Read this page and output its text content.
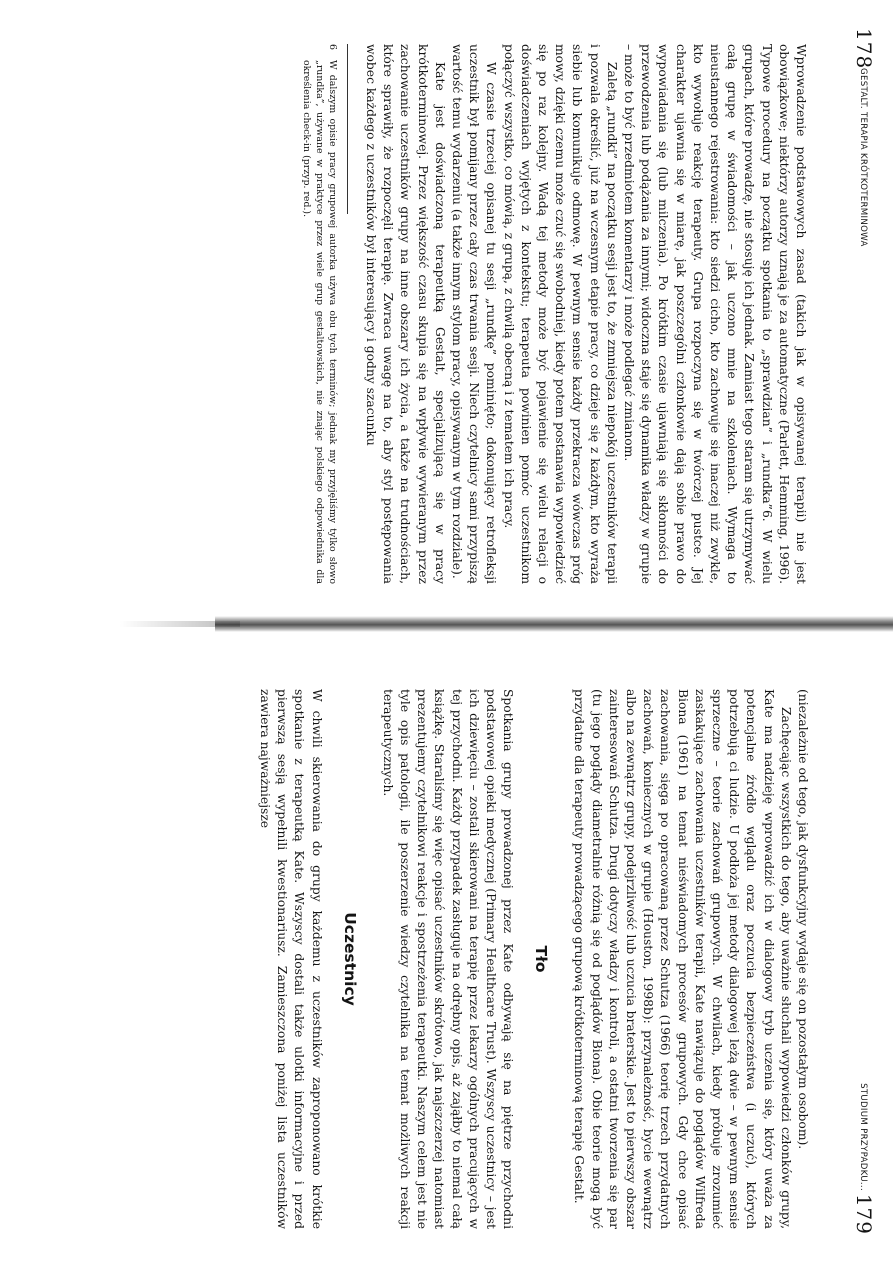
178
GESTALT. TERAPIA KRÓTKOTERMINOWA

Wprowadzenie podstawowych zasad (takich jak w opisywanej terapii) nie jest obowiązkowe; niektórzy autorzy uznają je za automatyczne (Parlett, Hemming, 1996). Typowe procedury na początku spotkania to „sprawdzian” i „rundka”6. W wielu grupach, które prowadzę, nie stosuję ich jednak. Zamiast tego staram się utrzymywać całą grupę w świadomości – jak uczono mnie na szkoleniach. Wymaga to nieustannego rejestrowania: kto siedzi cicho, kto zachowuje się inaczej niż zwykle, kto wywołuje reakcję terapeuty. Grupa rozpoczyna się w twórczej pustce. Jej charakter ujawnia się w miarę, jak poszczególni członkowie dają sobie prawo do wypowiadania się (lub milczenia). Po krótkim czasie ujawniają się skłonności do przewodzenia lub podążania za innymi; widoczna staje się dynamika władzy w grupie – może to być przedmiotem komentarzy i może podlegać zmianom.

Zaletą „rundki” na początku sesji jest to, że zmniejsza niepokój uczestników terapii i pozwala określić, już na wczesnym etapie pracy, co dzieje się z każdym, kto wyraża siebie lub komunikuje odmowę. W pewnym sensie każdy przekracza wówczas próg mowy, dzięki czemu może czuć się swobodniej, kiedy potem postanawia wypowiedzieć się po raz kolejny. Wadą tej metody może być pojawienie się wielu relacji o doświadczeniach wyjętych z kontekstu; terapeuta powinien pomóc uczestnikom połączyć wszystko, co mówią, z grupą, z chwilą obecną i z tematem ich pracy.

W czasie trzeciej opisanej tu sesji „rundkę” pominięto; dokonujący retrofleksji uczestnik był pomijany przez cały czas trwania sesji. Niech czytelnicy sami przypiszą wartość temu wydarzeniu (a także innym stylom pracy, opisywanym w tym rozdziale).

Kate jest doświadczoną terapeutką Gestalt, specjalizującą się w pracy krótkoterminowej. Przez większość czasu skupia się na wpływie wywieranym przez zachowanie uczestników grupy na inne obszary ich życia, a także na trudnościach, które sprawiły, że rozpoczęli terapię. Zwraca uwagę na to, aby styl postępowania wobec każdego z uczestników był interesujący i godny szacunku

6
W dalszym opisie pracy grupowej autorka używa obu tych terminów; jednak my przyjęliśmy tylko słowo „rundka”, używane w praktyce przez wiele grup gestaltowskich, nie znając polskiego odpowiednika dla określenia check-in (przyp. red.).

STUDIUM PRZYPADKU...
179

(niezależnie od tego, jak dysfunkcyjny wydaje się on pozostałym osobom).

Zachęcając wszystkich do tego, aby uważnie słuchali wypowiedzi członków grupy, Kate ma nadzieję wprowadzić ich w dialogowy tryb uczenia się, który uważa za potencjalne źródło wglądu oraz poczucia bezpieczeństwa (i uczuć), których potrzebują ci ludzie. U podłoża jej metody dialogowej leżą dwie – w pewnym sensie sprzeczne – teorie zachowań grupowych. W chwilach, kiedy próbuje zrozumieć zaskakujące zachowania uczestników terapii, Kate nawiązuje do poglądów Wilfreda Biona (1961) na temat nieświadomych procesów grupowych. Gdy chce opisać zachowania, sięga po opracowaną przez Schutza (1966) teorię trzech przydatnych zachowań, koniecznych w grupie (Houston, 1998b): przynależność, bycie wewnątrz albo na zewnątrz grupy, podejrzliwość lub uczucia braterskie. Jest to pierwszy obszar zainteresowań Schutza. Drugi dotyczy władzy i kontroli, a ostatni tworzenia się par (tu jego poglądy diametralnie różnią się od poglądów Biona). Obie teorie mogą być przydatne dla terapeuty prowadzącego grupową krótkoterminową terapię Gestalt.

Tło

Spotkania grupy prowadzonej przez Kate odbywają się na piętrze przychodni podstawowej opieki medycznej (Primary Healthcare Trust). Wszyscy uczestnicy – jest ich dziewięciu – zostali skierowani na terapię przez lekarzy ogólnych pracujących w tej przychodni. Każdy przypadek zasługuje na odrębny opis, aż zająłby to niemal całą książkę. Staraliśmy się więc opisać uczestników skrótowo, jak najszczerzej natomiast prezentujemy czytelnikowi reakcje i spostrzeżenia terapeutki. Naszym celem jest nie tyle opis patologii, ile poszerzenie wiedzy czytelnika na temat możliwych reakcji terapeutycznych.

Uczestnicy

W chwili skierowania do grupy każdemu z uczestników zaproponowano krótkie spotkanie z terapeutką Kate. Wszyscy dostali także ulotki informacyjne i przed pierwszą sesją wypełnili kwestionariusz. Zamieszczona poniżej lista uczestników zawiera najważniejsze
